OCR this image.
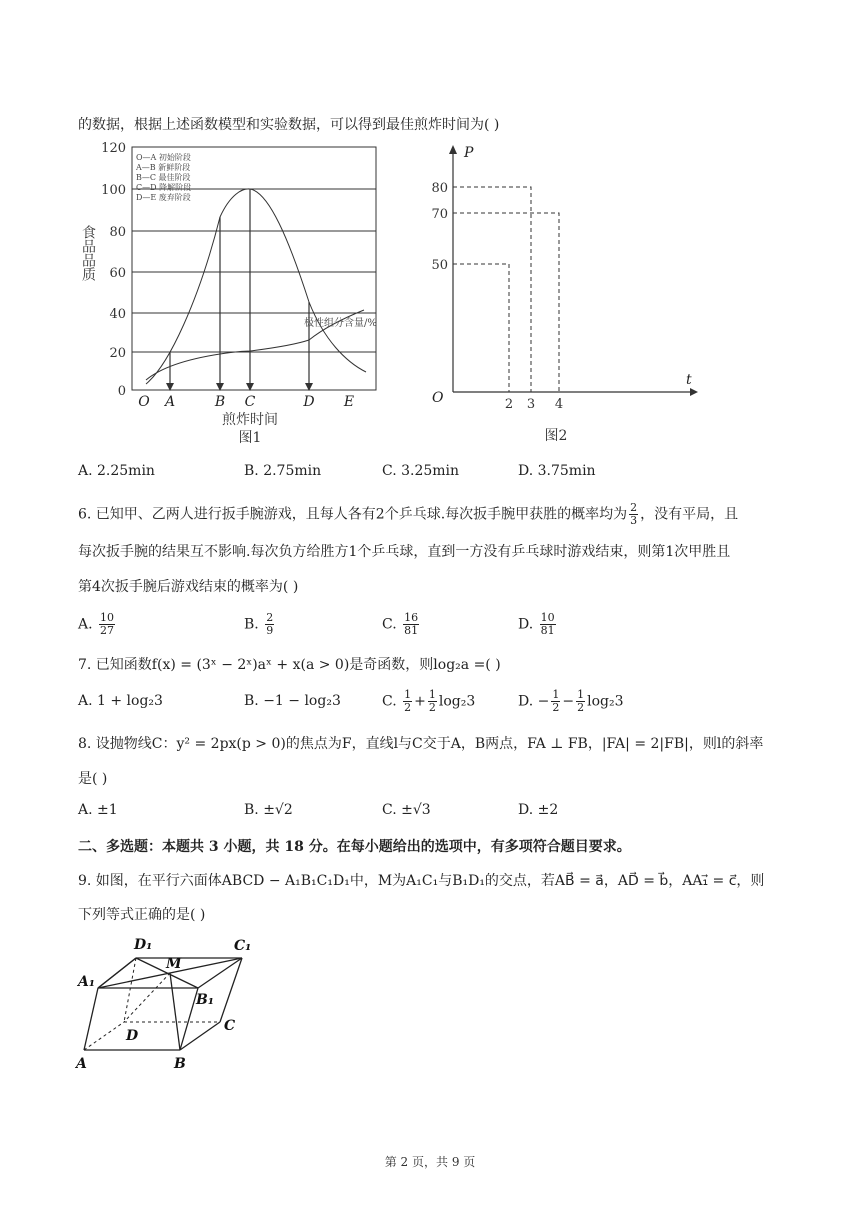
的数据，根据上述函数模型和实验数据，可以得到最佳煎炸时间为( )
120
100
80
60
40
20
0
食品品质
O—A 初始阶段
A—B 新鲜阶段
B—C 最佳阶段
C—D 降解阶段
D—E 废弃阶段
极性组分含量/%
O A	B C	D E
煎炸时间
图1
P
t
O
80
70
50
2 3 4
图2
A. 2.25min	B. 2.75min	C. 3.25min	D. 3.75min
6. 已知甲、乙两人进行扳手腕游戏，且每人各有2个乒乓球.每次扳手腕甲获胜的概率均为 $\frac{2}{3}$ ，没有平局，且
每次扳手腕的结果互不影响.每次负方给胜方1个乒乓球，直到一方没有乒乓球时游戏结束，则第1次甲胜且
第4次扳手腕后游戏结束的概率为( )
A. $\frac{10}{27}$	B. $\frac{2}{9}$	C. $\frac{16}{81}$	D. $\frac{10}{81}$
7. 已知函数f(x) = (3ˣ − 2ˣ)aˣ + x(a > 0)是奇函数，则log₂a =( )
A. 1 + log₂3	B. −1 − log₂3	C. $\frac{1}{2} + \frac{1}{2} \log_23$	D. − $\frac{1}{2} - \frac{1}{2} \log_23$
8. 设抛物线C：y² = 2px(p > 0)的焦点为F，直线l与C交于A，B两点，FA ⊥ FB，|FA| = 2|FB|，则l的斜率
是( )
A. ±1	B. ±√2	C. ±√3	D. ±2
二、多选题：本题共 3 小题，共 18 分。在每小题给出的选项中，有多项符合题目要求。
9. 如图，在平行六面体ABCD − A₁B₁C₁D₁中，M为A₁C₁与B₁D₁的交点，若AB⃗ = a⃗，AD⃗ = b⃗，AA₁⃗ = c⃗，则
下列等式正确的是( )
A	B
C
D
A₁
B₁
C₁
D₁
M
第 2 页，共 9 页
